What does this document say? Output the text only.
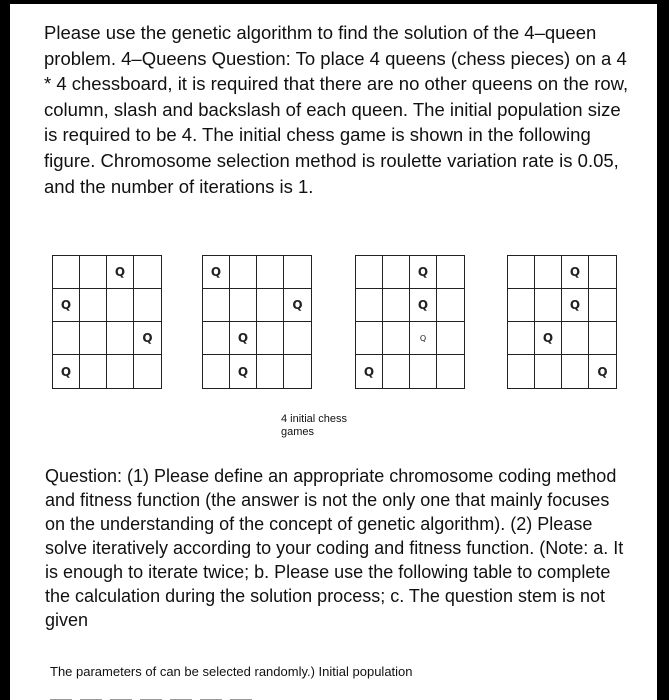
Please use the genetic algorithm to find the solution of the 4–queen problem. 4–Queens Question: To place 4 queens (chess pieces) on a 4 * 4 chessboard, it is required that there are no other queens on the row, column, slash and backslash of each queen. The initial population size is required to be 4. The initial chess game is shown in the following figure. Chromosome selection method is roulette variation rate is 0.05, and the number of iterations is 1.

Q
Q
Q
Q
Q
Q
Q
Q
Q
Q
Q
Q
Q
Q
Q
Q

4 initial chess games

Question: (1) Please define an appropriate chromosome coding method and fitness function (the answer is not the only one that mainly focuses on the understanding of the concept of genetic algorithm). (2) Please solve iteratively according to your coding and fitness function. (Note: a. It is enough to iterate twice; b. Please use the following table to complete the calculation during the solution process; c. The question stem is not given

The parameters of can be selected randomly.) Initial population
